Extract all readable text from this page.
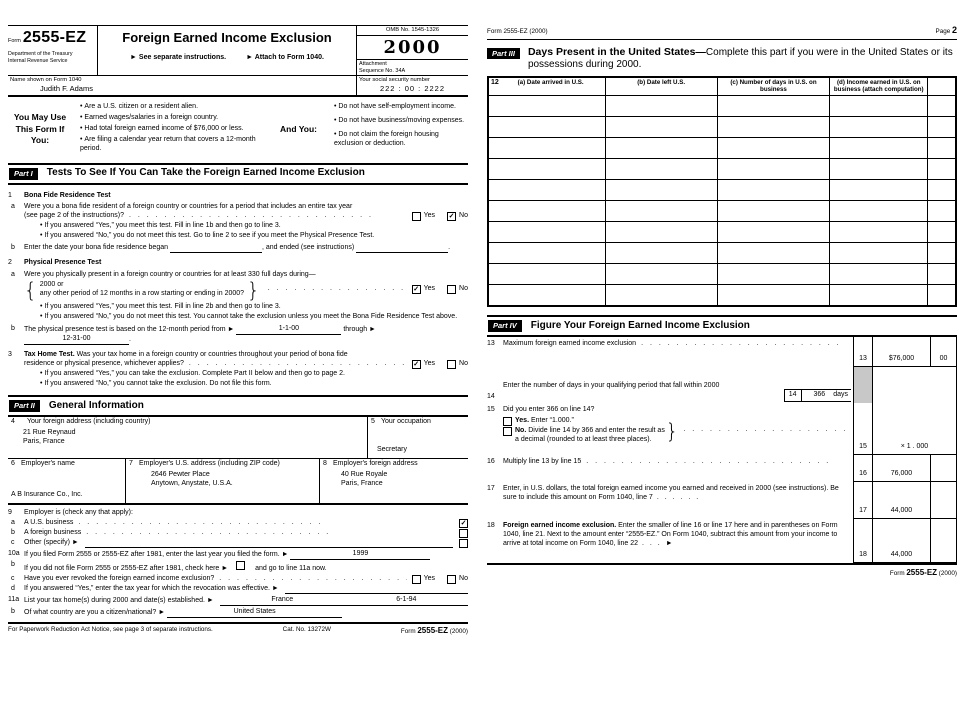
Form 2555-EZ
Department of the Treasury
Internal Revenue Service
Foreign Earned Income Exclusion
► See separate instructions.	► Attach to Form 1040.
OMB No. 1545-1326
2000
Attachment
Sequence No. 34A
Name shown on Form 1040
Judith F. Adams
Your social security number
222 : 00 : 2222
You May Use This Form If You:
• Are a U.S. citizen or a resident alien.
• Earned wages/salaries in a foreign country.
• Had total foreign earned income of $76,000 or less.
• Are filing a calendar year return that covers a 12-month period.
And You:
• Do not have self-employment income.
• Do not have business/moving expenses.
• Do not claim the foreign housing exclusion or deduction.
Part I	Tests To See If You Can Take the Foreign Earned Income Exclusion
1	Bona Fide Residence Test
a	Were you a bona fide resident of a foreign country or countries for a period that includes an entire tax year
(see page 2 of the instructions)? .	Yes ✓ No
• If you answered “Yes,” you meet this test. Fill in line 1b and then go to line 3.
• If you answered “No,” you do not meet this test. Go to line 2 to see if you meet the Physical Presence Test.
b	Enter the date your bona fide residence began	, and ended (see instructions)	.
2	Physical Presence Test
a	Were you physically present in a foreign country or countries for at least 330 full days during—
{ 2000 or
any other period of 12 months in a row starting or ending in 2000? } .	✓ Yes	No
• If you answered “Yes,” you meet this test. Fill in line 2b and then go to line 3.
• If you answered “No,” you do not meet this test. You cannot take the exclusion unless you meet the Bona Fide Residence Test above.
b	The physical presence test is based on the 12-month period from ►	1-1-00	through ► 12-31-00	.
3	Tax Home Test. Was your tax home in a foreign country or countries throughout your period of bona fide
residence or physical presence, whichever applies? .	✓ Yes	No
• If you answered “Yes,” you can take the exclusion. Complete Part II below and then go to page 2.
• If you answered “No,” you cannot take the exclusion. Do not file this form.
Part II	General Information
4 Your foreign address (including country)
21 Rue Reynaud
Paris, France
5 Your occupation
Secretary
6 Employer's name
A B Insurance Co., Inc.
7 Employer's U.S. address (including ZIP code)
2646 Pewter Place
Anytown, Anystate, U.S.A.
8 Employer's foreign address
40 Rue Royale
Paris, France
9	Employer is (check any that apply):
a	A U.S. business .	✓
b	A foreign business
.
c	Other (specify) ►
10a If you filed Form 2555 or 2555-EZ after 1981, enter the last year you filed the form. ►	1999
b
If you did not file Form 2555 or 2555-EZ after 1981, check here ►	and go to line 11a now.
c	Have you ever revoked the foreign earned income exclusion? .	Yes	No
d	If you answered “Yes,” enter the tax year for which the revocation was effective. ►
11a List your tax home(s) during 2000 and date(s) established. ►	France	6-1-94
b	Of what country are you a citizen/national? ►	United States
For Paperwork Reduction Act Notice, see page 3 of separate instructions.	Cat. No. 13272W	Form 2555-EZ (2000)
Form 2555-EZ (2000)	Page 2
Part III	Days Present in the United States—Complete this part if you were in the United States or its possessions during 2000.
12 (a) Date arrived in U.S.	(b) Date left U.S.	(c) Number of days in U.S. on business	(d) Income earned in U.S. on business (attach computation)	

Part IV	Figure Your Foreign Earned Income Exclusion
13	Maximum foreign earned income exclusion
.
13	$76,000	00
14
Enter the number of days in your qualifying period that fall within 2000
14	366	days
15	Did you enter 366 on line 14?
Yes. Enter “1.000.”
No. Divide line 14 by 366 and enter the result as a decimal (rounded to at least three places). }
.
15	× 1 . 000
16	Multiply line 13 by line 15
.
16	76,000
17	Enter, in U.S. dollars, the total foreign earned income you earned and received in 2000 (see instructions). Be sure to include this amount on Form 1040, line 7. .
17	44,000
18	Foreign earned income exclusion. Enter the smaller of line 16 or line 17 here and in parentheses on Form 1040, line 21. Next to the amount enter “2555-EZ.” On Form 1040, subtract this amount from your income to arrive at total income on Form 1040, line 22 . .	►
18	44,000
Form 2555-EZ (2000)
